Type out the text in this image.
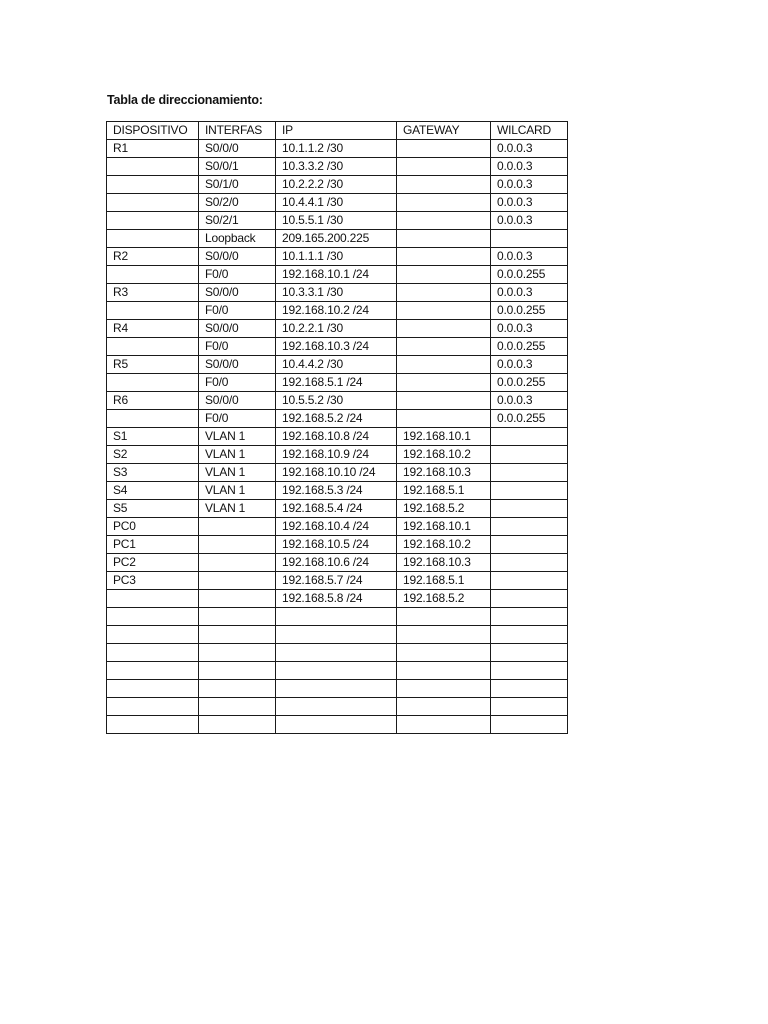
Tabla de direccionamiento:
DISPOSITIVO	INTERFAS	IP	GATEWAY	WILCARD
R1	S0/0/0	10.1.1.2 /30		0.0.0.3
	S0/0/1	10.3.3.2 /30		0.0.0.3
	S0/1/0	10.2.2.2 /30		0.0.0.3
	S0/2/0	10.4.4.1 /30		0.0.0.3
	S0/2/1	10.5.5.1 /30		0.0.0.3
	Loopback	209.165.200.225		
R2	S0/0/0	10.1.1.1 /30		0.0.0.3
	F0/0	192.168.10.1 /24		0.0.0.255
R3	S0/0/0	10.3.3.1 /30		0.0.0.3
	F0/0	192.168.10.2 /24		0.0.0.255
R4	S0/0/0	10.2.2.1 /30		0.0.0.3
	F0/0	192.168.10.3 /24		0.0.0.255
R5	S0/0/0	10.4.4.2 /30		0.0.0.3
	F0/0	192.168.5.1 /24		0.0.0.255
R6	S0/0/0	10.5.5.2 /30		0.0.0.3
	F0/0	192.168.5.2 /24		0.0.0.255
S1	VLAN 1	192.168.10.8 /24	192.168.10.1	
S2	VLAN 1	192.168.10.9 /24	192.168.10.2	
S3	VLAN 1	192.168.10.10 /24	192.168.10.3	
S4	VLAN 1	192.168.5.3 /24	192.168.5.1	
S5	VLAN 1	192.168.5.4 /24	192.168.5.2	
PC0		192.168.10.4 /24	192.168.10.1	
PC1		192.168.10.5 /24	192.168.10.2	
PC2		192.168.10.6 /24	192.168.10.3	
PC3		192.168.5.7 /24	192.168.5.1	
		192.168.5.8 /24	192.168.5.2	
